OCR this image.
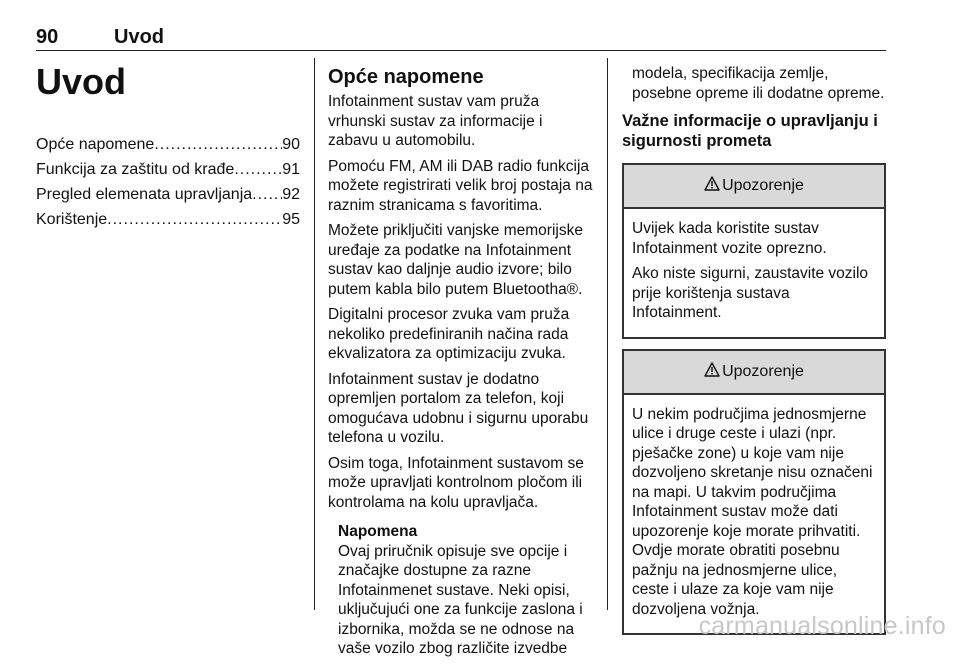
90	Uvod
Uvod
Opće napomene .....	90
Funkcija za zaštitu od krađe .....	91
Pregled elemenata upravljanja ..... 92
Korištenje .....	95
Opće napomene
Infotainment sustav vam pruža vrhunski sustav za informacije i zabavu u automobilu.
Pomoću FM, AM ili DAB radio funkcija možete registrirati velik broj postaja na raznim stranicama s favoritima.
Možete priključiti vanjske memorijske uređaje za podatke na Infotainment sustav kao daljnje audio izvore; bilo putem kabla bilo putem Bluetootha®.
Digitalni procesor zvuka vam pruža nekoliko predefiniranih načina rada ekvalizatora za optimizaciju zvuka.
Infotainment sustav je dodatno opremljen portalom za telefon, koji omogućava udobnu i sigurnu uporabu telefona u vozilu.
Osim toga, Infotainment sustavom se može upravljati kontrolnom pločom ili kontrolama na kolu upravljača.
Napomena
Ovaj priručnik opisuje sve opcije i značajke dostupne za razne Infotainmenet sustave. Neki opisi, uključujući one za funkcije zaslona i izbornika, možda se ne odnose na vaše vozilo zbog različite izvedbe
modela, specifikacija zemlje, posebne opreme ili dodatne opreme.
Važne informacije o upravljanju i sigurnosti prometa
Upozorenje
Uvijek kada koristite sustav Infotainment vozite oprezno.
Ako niste sigurni, zaustavite vozilo prije korištenja sustava Infotainment.
Upozorenje
U nekim područjima jednosmjerne ulice i druge ceste i ulazi (npr. pješačke zone) u koje vam nije dozvoljeno skretanje nisu označeni na mapi. U takvim područjima Infotainment sustav može dati upozorenje koje morate prihvatiti. Ovdje morate obratiti posebnu pažnju na jednosmjerne ulice, ceste i ulaze za koje vam nije dozvoljena vožnja.
carmanualsonline.info
